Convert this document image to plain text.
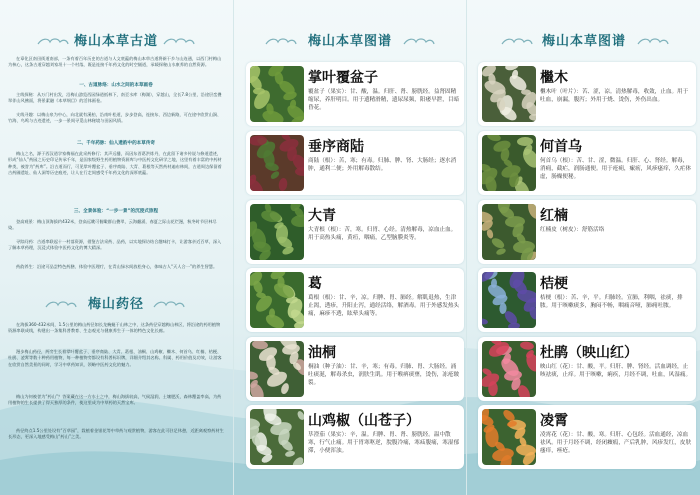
梅山本草古道
在章化区南田街道南部，一条有着百年历史的古道与人文底蕴的梅山本草古道将新干乡与山连通，以西门村梅山为核心，这条古道穿越刘家坦十一个村落，既是连接千年药文化的时空隧道，承载探秘山水康养的自然资源。
一、古道脉络：山水之间的本草画卷
主线探秘：从万门村出发，沿梅山游览西园绿道抵林下，南至水库（梅湖），穿越山，全长7.8公里，沿途层峦叠翠伴山风拂面，将景素融《本草纲目》的活体画卷。
支线寻趣：以梅山泉为中心，向北就有溪柏，沿南叶松道，步步登高，连接东、西边新路，可在途中欣赏山涧、竹海、鸟鸣与古迹遗迹，一步一景间寻觅山林秘境与田园风情。
二、千年药脉：仙人遗韵中的本草传奇
梅山之名，源于西汉道学家梅福在此采药修行；其声远播，而因东晋葛洪炼丹，在此留下诸多传说与修道遗迹，形成“仙人”药园之历史印记传承千年，是国家级野生药用植物资源库与中医药文化研学之地，这里有着丰富的中药材种类，被誉为“药库”。沿古道而行，可见掌叶覆盆子、垂序商陆、大青、葛根等天然药材遍布林间，古道周边保留着古药圃遗址、仙人洞等历史痕迹，让人在行走间感受千年药文化的深厚底蕴。
三、全景体验：“一步一景”的沉浸式旅程
登高观景：梅山顶海拔约432米，登高远眺可俯瞰群山叠翠，云海翻涌，春夏之际山花烂漫，秋冬时节层林尽染。
寻踪问药：古道串联起十一村落资源，借鉴古法采药、品药，以实地探访结合趣味打卡，让游客亲近百草，深入了解本草药理，沉浸式体验中医药文化的博大精深。
药韵养生：沿途可品尝特色药膳、体验中医理疗，在青山绿水间放松身心，体味古人“天人合一”的养生智慧。
梅山药径
在海拔360-432米间，1.5公里的梅山药径如长龙蜿蜒于山林之中，这条药径穿越梅山林区，将沿途的药用植物资源串联成线，构建出一条集科普教育、生态观光与健康养生于一体的特色文化长廊。
漫步梅山药径，两旁生长着掌叶覆盆子、垂序商陆、大青、葛根、油桐、山鸡椒、檵木、何首乌、红楠、桔梗、杜鹃、凌霄等数十种药用植物，每一种植物旁都设有科普标识牌，详细介绍其名称、科属、药用价值及功效，让游客在欣赏自然美景的同时，学习中草药知识，领略中医药文化的魅力。
梅山为何被誉为“药山”？答案藏在这一方水土之中，梅山海拔较高，气候湿润，土壤肥沃，森林覆盖率高，为药用植物的生长提供了得天独厚的条件，使这里成为中草药的天然宝库。
药径终点1.5公里处设有“百草园”，栽植着金银花等中草药与观赏植物，游客在此可驻足休憩，近距离观察药材生长形态，更深入地感受梅山“药山”之美。
梅山本草图谱
掌叶覆盆子
覆盆子（果实）：甘、酸，温。归肝、肾、膀胱经。益肾固精缩尿，养肝明目。用于遗精滑精，遗尿尿频，阳痿早泄，目暗昏花。
垂序商陆
商陆（根）：苦，寒；有毒。归肺、脾、肾、大肠经；逐水消肿，通利二便；外用解毒散结。
大青
大青根（根）：苦，寒。归胃、心经。清热解毒，凉血止血。用于高热头痛，黄疸，咽痛，乙型脑膜炎等。
葛
葛根（根）：甘、辛，凉。归脾、胃、肺经。解肌退热，生津止渴，透疹，升阳止泻，通经活络，解酒毒。用于外感发热头痛，麻疹不透，眩晕头痛等。
油桐
桐油（种子油）：甘、辛，寒；有毒。归肺、胃、大肠经。涌吐痰涎，解毒杀虫，润肤生肌。用于喉痹痰壅，烫伤，冻疮皲裂。
山鸡椒（山苍子）
荜澄茄（果实）：辛，温。归脾、胃、肾、膀胱经。温中散寒，行气止痛。用于胃寒呕逆，脘腹冷痛，寒疝腹痛，寒湿郁滞，小便浑浊。
梅山本草图谱
檵木
檵木叶（叶片）：苦、涩，凉。清热解毒，收敛，止血。用于吐血，崩漏，腹泻；外用于烧、烫伤，外伤出血。
何首乌
何首乌（根）：苦、甘、涩，微温。归肝、心、肾经。解毒，消痈，截疟，润肠通便。用于疮痈，瘰疬，风疹瘙痒，久疟体虚，肠燥便秘。
红楠
红楠皮（树皮）：舒筋活络
桔梗
桔梗（根）：苦、辛，平。归肺经。宣肺，利咽，祛痰，排脓。用于咳嗽痰多，胸闷不畅，咽痛音哑，肺痈吐脓。
杜鹃（映山红）
映山红（花）：甘、酸，平。归肝、脾、肾经。活血调经，止咳祛痰，止痒。用于咳嗽，痢疾，月经不调，吐血，风湿痛。
凌霄
凌霄花（花）：甘、酸，寒。归肝、心包经。活血通经，凉血祛风。用于月经不调，经闭癥瘕，产后乳肿，风疹发红，皮肤瘙痒，痤疮。
